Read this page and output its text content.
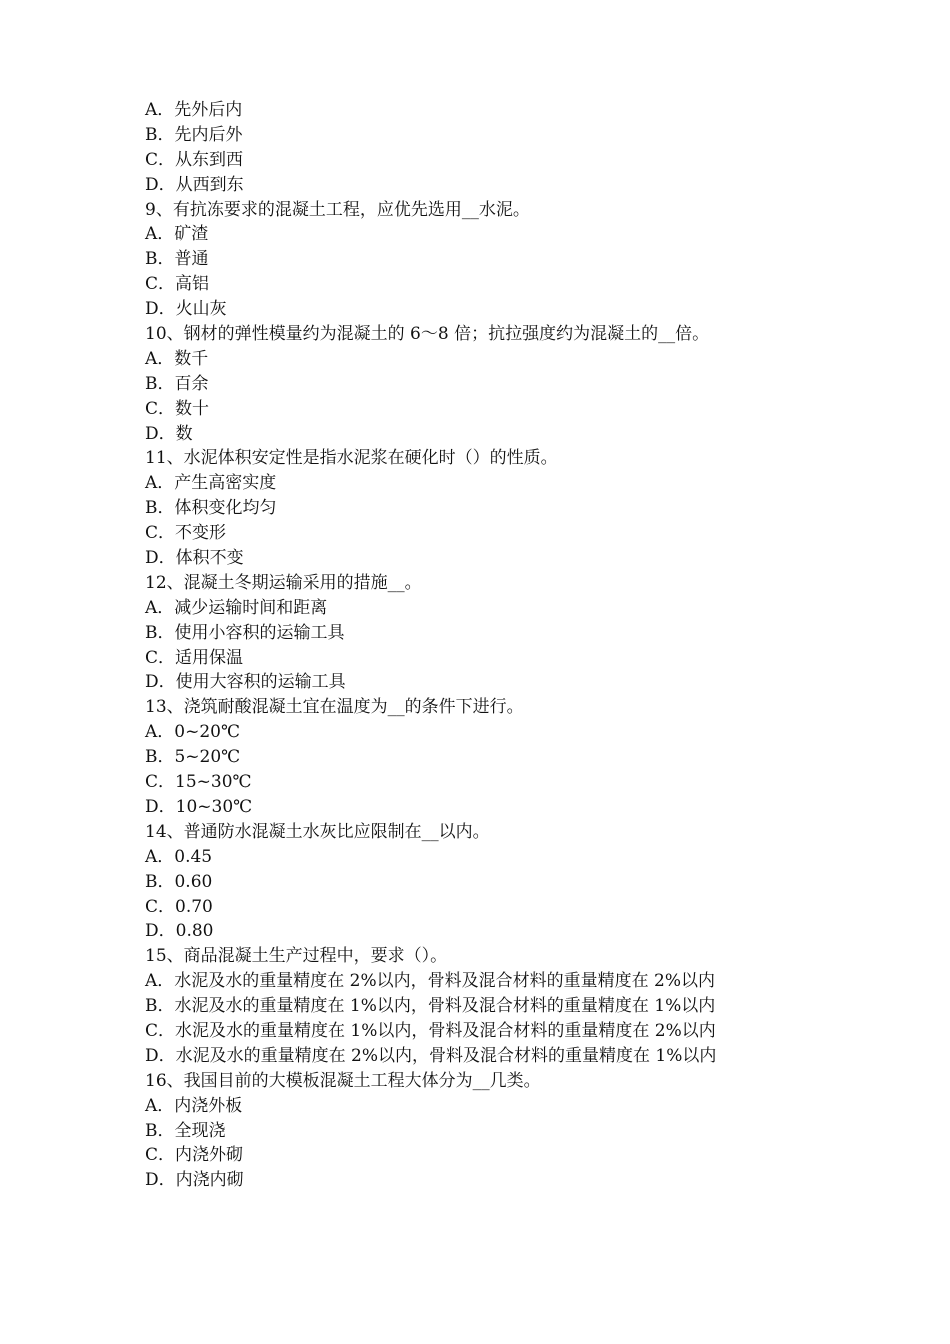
A．先外后内
B．先内后外
C．从东到西
D．从西到东
9、有抗冻要求的混凝土工程，应优先选用__水泥。
A．矿渣
B．普通
C．高铝
D．火山灰
10、钢材的弹性模量约为混凝土的 6～8 倍；抗拉强度约为混凝土的__倍。
A．数千
B．百余
C．数十
D．数
11、水泥体积安定性是指水泥浆在硬化时（）的性质。
A．产生高密实度
B．体积变化均匀
C．不变形
D．体积不变
12、混凝土冬期运输采用的措施__。
A．减少运输时间和距离
B．使用小容积的运输工具
C．适用保温
D．使用大容积的运输工具
13、浇筑耐酸混凝土宜在温度为__的条件下进行。
A．0~20℃
B．5~20℃
C．15~30℃
D．10~30℃
14、普通防水混凝土水灰比应限制在__以内。
A．0.45
B．0.60
C．0.70
D．0.80
15、商品混凝土生产过程中，要求（）。
A．水泥及水的重量精度在 2%以内，骨料及混合材料的重量精度在 2%以内
B．水泥及水的重量精度在 1%以内，骨料及混合材料的重量精度在 1%以内
C．水泥及水的重量精度在 1%以内，骨料及混合材料的重量精度在 2%以内
D．水泥及水的重量精度在 2%以内，骨料及混合材料的重量精度在 1%以内
16、我国目前的大模板混凝土工程大体分为__几类。
A．内浇外板
B．全现浇
C．内浇外砌
D．内浇内砌
